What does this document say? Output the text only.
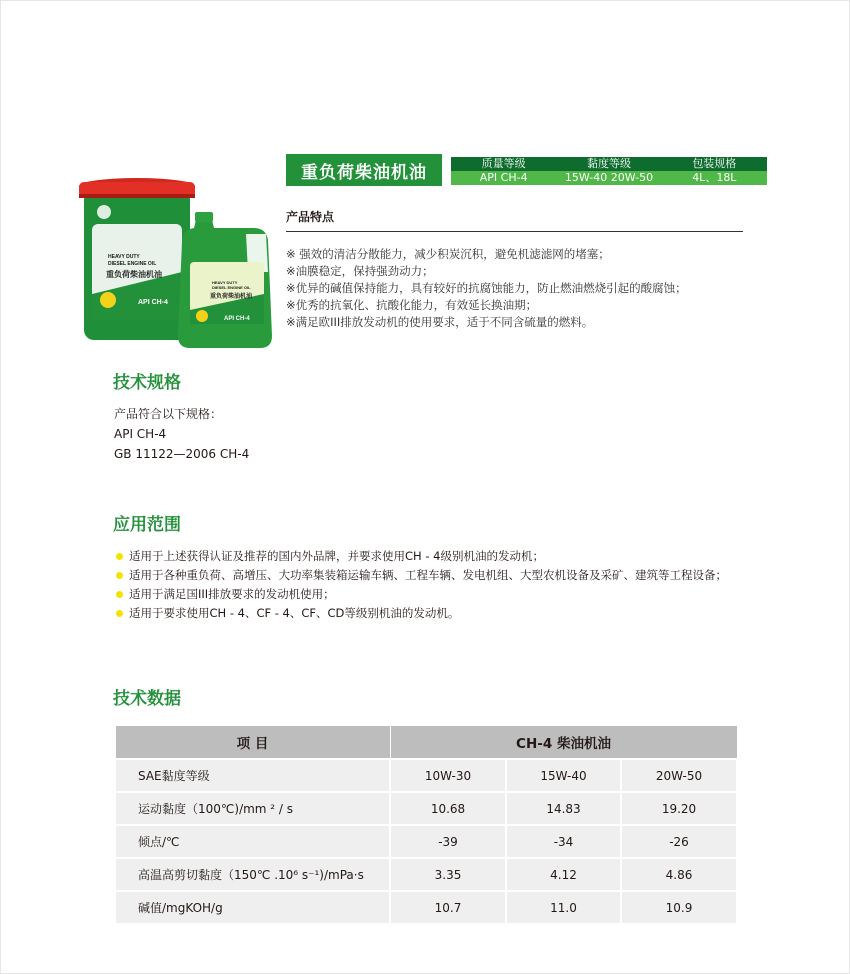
HEAVY DUTY
DIESEL ENGINE OIL
重负荷柴油机油
API CH-4
HEAVY DUTY
DIESEL ENGINE OIL
重负荷柴油机油
API CH-4
重负荷柴油机油	质量等级	黏度等级	包装规格
API CH-4	15W-40 20W-50	4L、18L
产品特点
※ 强效的清洁分散能力，减少积炭沉积，避免机滤滤网的堵塞；
※油膜稳定，保持强劲动力；
※优异的碱值保持能力，具有较好的抗腐蚀能力，防止燃油燃烧引起的酸腐蚀；
※优秀的抗氧化、抗酸化能力，有效延长换油期；
※满足欧III排放发动机的使用要求，适于不同含硫量的燃料。
技术规格
产品符合以下规格：
API CH-4
GB 11122—2006 CH-4
应用范围
适用于上述获得认证及推荐的国内外品牌，并要求使用CH - 4级别机油的发动机；
适用于各种重负荷、高增压、大功率集装箱运输车辆、工程车辆、发电机组、大型农机设备及采矿、建筑等工程设备；
适用于满足国III排放要求的发动机使用；
适用于要求使用CH - 4、CF - 4、CF、CD等级别机油的发动机。
技术数据
项 目	CH-4 柴油机油		
SAE黏度等级	10W-30	15W-40	20W-50
运动黏度（100℃)/mm ² / s	10.68	14.83	19.20
倾点/℃	-39	-34	-26
高温高剪切黏度（150℃ .10⁶ s⁻¹)/mPa·s	3.35	4.12	4.86
碱值/mgKOH/g	10.7	11.0	10.9
